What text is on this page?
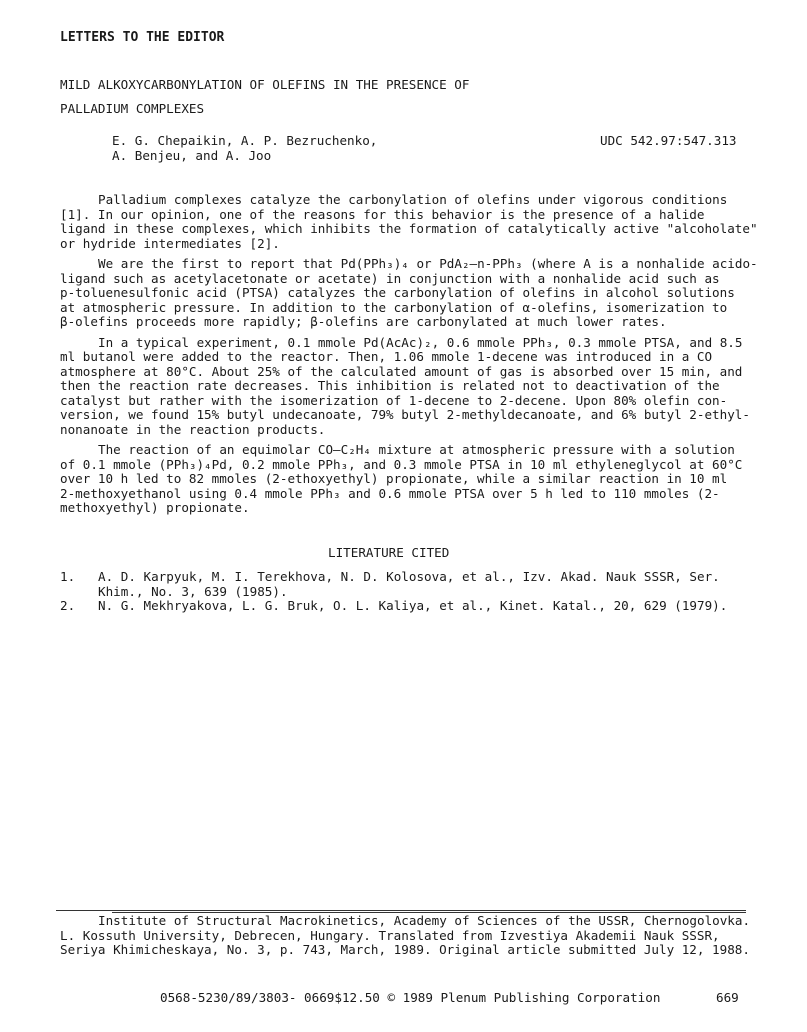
LETTERS TO THE EDITOR
MILD ALKOXYCARBONYLATION OF OLEFINS IN THE PRESENCE OF
PALLADIUM COMPLEXES
E. G. Chepaikin, A. P. Bezruchenko,
A. Benjeu, and A. Joo
UDC 542.97:547.313
Palladium complexes catalyze the carbonylation of olefins under vigorous conditions
[1]. In our opinion, one of the reasons for this behavior is the presence of a halide
ligand in these complexes, which inhibits the formation of catalytically active "alcoholate"
or hydride intermediates [2].
We are the first to report that Pd(PPh₃)₄ or PdA₂—n-PPh₃ (where A is a nonhalide acido-
ligand such as acetylacetonate or acetate) in conjunction with a nonhalide acid such as
p-toluenesulfonic acid (PTSA) catalyzes the carbonylation of olefins in alcohol solutions
at atmospheric pressure. In addition to the carbonylation of α-olefins, isomerization to
β-olefins proceeds more rapidly; β-olefins are carbonylated at much lower rates.
In a typical experiment, 0.1 mmole Pd(AcAc)₂, 0.6 mmole PPh₃, 0.3 mmole PTSA, and 8.5
ml butanol were added to the reactor. Then, 1.06 mmole 1-decene was introduced in a CO
atmosphere at 80°C. About 25% of the calculated amount of gas is absorbed over 15 min, and
then the reaction rate decreases. This inhibition is related not to deactivation of the
catalyst but rather with the isomerization of 1-decene to 2-decene. Upon 80% olefin con-
version, we found 15% butyl undecanoate, 79% butyl 2-methyldecanoate, and 6% butyl 2-ethyl-
nonanoate in the reaction products.
The reaction of an equimolar CO—C₂H₄ mixture at atmospheric pressure with a solution
of 0.1 mmole (PPh₃)₄Pd, 0.2 mmole PPh₃, and 0.3 mmole PTSA in 10 ml ethyleneglycol at 60°C
over 10 h led to 82 mmoles (2-ethoxyethyl) propionate, while a similar reaction in 10 ml
2-methoxyethanol using 0.4 mmole PPh₃ and 0.6 mmole PTSA over 5 h led to 110 mmoles (2-
methoxyethyl) propionate.
LITERATURE CITED
1.	A. D. Karpyuk, M. I. Terekhova, N. D. Kolosova, et al., Izv. Akad. Nauk SSSR, Ser.
Khim., No. 3, 639 (1985).
2.	N. G. Mekhryakova, L. G. Bruk, O. L. Kaliya, et al., Kinet. Katal., 20, 629 (1979).
Institute of Structural Macrokinetics, Academy of Sciences of the USSR, Chernogolovka.
L. Kossuth University, Debrecen, Hungary. Translated from Izvestiya Akademii Nauk SSSR,
Seriya Khimicheskaya, No. 3, p. 743, March, 1989. Original article submitted July 12, 1988.
0568-5230/89/3803- 0669$12.50 © 1989 Plenum Publishing Corporation	669
